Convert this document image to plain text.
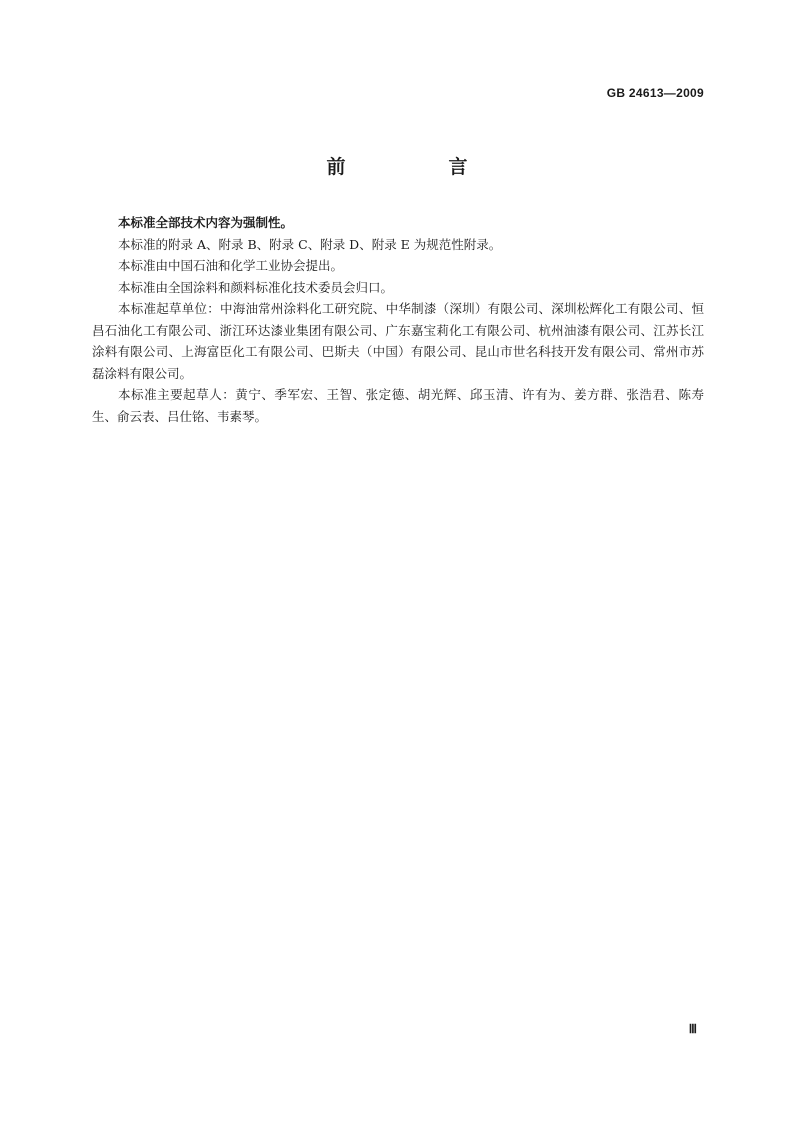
GB 24613—2009
前　言

本标准全部技术内容为强制性。

本标准的附录 A、附录 B、附录 C、附录 D、附录 E 为规范性附录。

本标准由中国石油和化学工业协会提出。

本标准由全国涂料和颜料标准化技术委员会归口。

本标准起草单位：中海油常州涂料化工研究院、中华制漆（深圳）有限公司、深圳松辉化工有限公司、恒昌石油化工有限公司、浙江环达漆业集团有限公司、广东嘉宝莉化工有限公司、杭州油漆有限公司、江苏长江涂料有限公司、上海富臣化工有限公司、巴斯夫（中国）有限公司、昆山市世名科技开发有限公司、常州市苏磊涂料有限公司。

本标准主要起草人：黄宁、季军宏、王智、张定德、胡光辉、邱玉清、许有为、姜方群、张浩君、陈寿生、俞云表、吕仕铭、韦素琴。

Ⅲ
